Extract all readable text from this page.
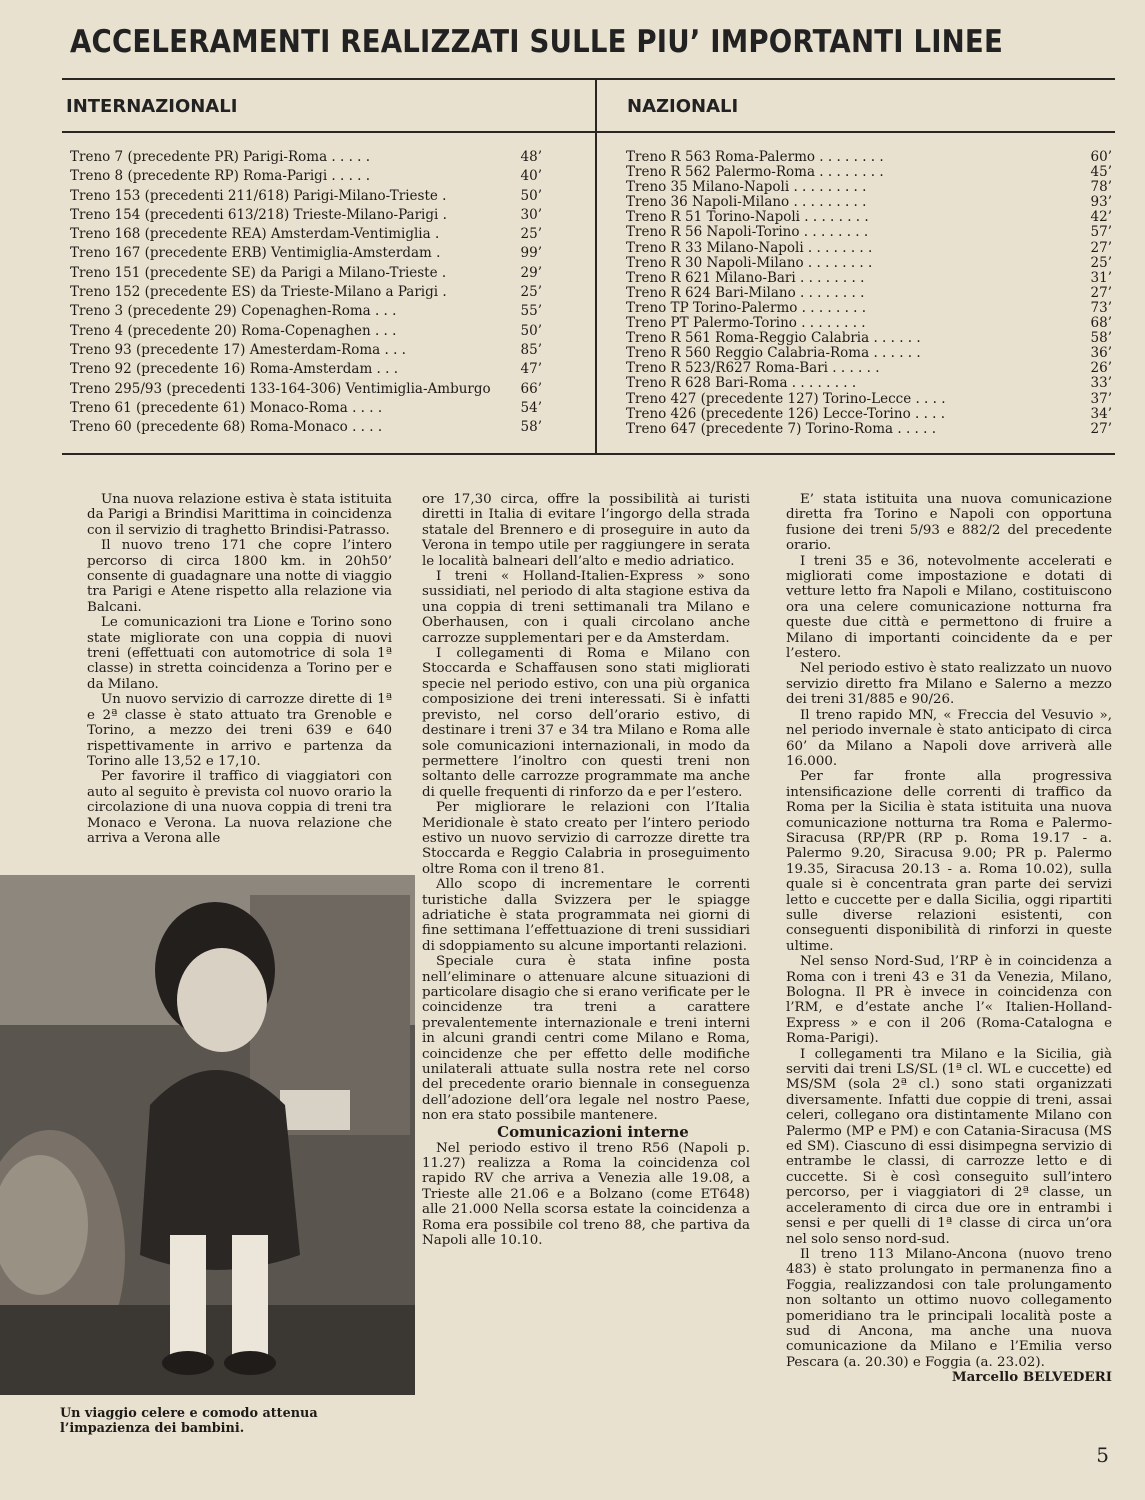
ACCELERAMENTI REALIZZATI SULLE PIU’ IMPORTANTI LINEE
INTERNAZIONALI	NAZIONALI
Treno 7 (precedente PR) Parigi-Roma . . . . .	48’
Treno 8 (precedente RP) Roma-Parigi . . . . .	40’
Treno 153 (precedenti 211/618) Parigi-Milano-Trieste .	50’
Treno 154 (precedenti 613/218) Trieste-Milano-Parigi .	30’
Treno 168 (precedente REA) Amsterdam-Ventimiglia .	25’
Treno 167 (precedente ERB) Ventimiglia-Amsterdam .	99’
Treno 151 (precedente SE) da Parigi a Milano-Trieste .	29’
Treno 152 (precedente ES) da Trieste-Milano a Parigi .	25’
Treno 3 (precedente 29) Copenaghen-Roma . . .	55’
Treno 4 (precedente 20) Roma-Copenaghen . . .	50’
Treno 93 (precedente 17) Amesterdam-Roma . . .	85’
Treno 92 (precedente 16) Roma-Amsterdam . . .	47’
Treno 295/93 (precedenti 133-164-306) Ventimiglia-Amburgo 66’
Treno 61 (precedente 61) Monaco-Roma . . . .	54’
Treno 60 (precedente 68) Roma-Monaco . . . .	58’
Treno R 563 Roma-Palermo . . . . . . . .	60’
Treno R 562 Palermo-Roma . . . . . . . .	45’
Treno 35 Milano-Napoli . . . . . . . . .	78’
Treno 36 Napoli-Milano . . . . . . . . .	93’
Treno R 51 Torino-Napoli . . . . . . . .	42’
Treno R 56 Napoli-Torino . . . . . . . .	57’
Treno R 33 Milano-Napoli . . . . . . . .	27’
Treno R 30 Napoli-Milano . . . . . . . .	25’
Treno R 621 Milano-Bari . . . . . . . .	31’
Treno R 624 Bari-Milano . . . . . . . .	27’
Treno TP Torino-Palermo . . . . . . . .	73’
Treno PT Palermo-Torino . . . . . . . .	68’
Treno R 561 Roma-Reggio Calabria . . . . . .	58’
Treno R 560 Reggio Calabria-Roma . . . . . .	36’
Treno R 523/R627 Roma-Bari . . . . . .	26’
Treno R 628 Bari-Roma . . . . . . . .	33’
Treno 427 (precedente 127) Torino-Lecce . . . .	37’
Treno 426 (precedente 126) Lecce-Torino . . . .	34’
Treno 647 (precedente 7) Torino-Roma . . . . .	27’

Una nuova relazione estiva è stata istituita da Parigi a Brindisi Marittima in coincidenza con il servizio di traghetto Brindisi-Patrasso.

Il nuovo treno 171 che copre l’intero percorso di circa 1800 km. in 20h50’ consente di guadagnare una notte di viaggio tra Parigi e Atene rispetto alla relazione via Balcani.

Le comunicazioni tra Lione e Torino sono state migliorate con una coppia di nuovi treni (effettuati con automotrice di sola 1ª classe) in stretta coincidenza a Torino per e da Milano.

Un nuovo servizio di carrozze dirette di 1ª e 2ª classe è stato attuato tra Grenoble e Torino, a mezzo dei treni 639 e 640 rispettivamente in arrivo e partenza da Torino alle 13,52 e 17,10.

Per favorire il traffico di viaggiatori con auto al seguito è prevista col nuovo orario la circolazione di una nuova coppia di treni tra Monaco e Verona. La nuova relazione che arriva a Verona alle

Un viaggio celere e comodo attenua l’impazienza dei bambini.

ore 17,30 circa, offre la possibilità ai turisti diretti in Italia di evitare l’ingorgo della strada statale del Brennero e di proseguire in auto da Verona in tempo utile per raggiungere in serata le località balneari dell’alto e medio adriatico.

I treni « Holland-Italien-Express » sono sussidiati, nel periodo di alta stagione estiva da una coppia di treni settimanali tra Milano e Oberhausen, con i quali circolano anche carrozze supplementari per e da Amsterdam.

I collegamenti di Roma e Milano con Stoccarda e Schaffausen sono stati migliorati specie nel periodo estivo, con una più organica composizione dei treni interessati. Si è infatti previsto, nel corso dell’orario estivo, di destinare i treni 37 e 34 tra Milano e Roma alle sole comunicazioni internazionali, in modo da permettere l’inoltro con questi treni non soltanto delle carrozze programmate ma anche di quelle frequenti di rinforzo da e per l’estero.

Per migliorare le relazioni con l’Italia Meridionale è stato creato per l’intero periodo estivo un nuovo servizio di carrozze dirette tra Stoccarda e Reggio Calabria in proseguimento oltre Roma con il treno 81.

Allo scopo di incrementare le correnti turistiche dalla Svizzera per le spiagge adriatiche è stata programmata nei giorni di fine settimana l’effettuazione di treni sussidiari di sdoppiamento su alcune importanti relazioni.

Speciale cura è stata infine posta nell’eliminare o attenuare alcune situazioni di particolare disagio che si erano verificate per le coincidenze tra treni a carattere prevalentemente internazionale e treni interni in alcuni grandi centri come Milano e Roma, coincidenze che per effetto delle modifiche unilaterali attuate sulla nostra rete nel corso del precedente orario biennale in conseguenza dell’adozione dell’ora legale nel nostro Paese, non era stato possibile mantenere.

Comunicazioni interne

Nel periodo estivo il treno R56 (Napoli p. 11.27) realizza a Roma la coincidenza col rapido RV che arriva a Venezia alle 19.08, a Trieste alle 21.06 e a Bolzano (come ET648) alle 21.000 Nella scorsa estate la coincidenza a Roma era possibile col treno 88, che partiva da Napoli alle 10.10.

E’ stata istituita una nuova comunicazione diretta fra Torino e Napoli con opportuna fusione dei treni 5/93 e 882/2 del precedente orario.

I treni 35 e 36, notevolmente accelerati e migliorati come impostazione e dotati di vetture letto fra Napoli e Milano, costituiscono ora una celere comunicazione notturna fra queste due città e permettono di fruire a Milano di importanti coincidente da e per l’estero.

Nel periodo estivo è stato realizzato un nuovo servizio diretto fra Milano e Salerno a mezzo dei treni 31/885 e 90/26.

Il treno rapido MN, « Freccia del Vesuvio », nel periodo invernale è stato anticipato di circa 60’ da Milano a Napoli dove arriverà alle 16.000.

Per far fronte alla progressiva intensificazione delle correnti di traffico da Roma per la Sicilia è stata istituita una nuova comunicazione notturna tra Roma e Palermo-Siracusa (RP/PR (RP p. Roma 19.17 - a. Palermo 9.20, Siracusa 9.00; PR p. Palermo 19.35, Siracusa 20.13 - a. Roma 10.02), sulla quale si è concentrata gran parte dei servizi letto e cuccette per e dalla Sicilia, oggi ripartiti sulle diverse relazioni esistenti, con conseguenti disponibilità di rinforzi in queste ultime.

Nel senso Nord-Sud, l’RP è in coincidenza a Roma con i treni 43 e 31 da Venezia, Milano, Bologna. Il PR è invece in coincidenza con l’RM, e d’estate anche l’« Italien-Holland-Express » e con il 206 (Roma-Catalogna e Roma-Parigi).

I collegamenti tra Milano e la Sicilia, già serviti dai treni LS/SL (1ª cl. WL e cuccette) ed MS/SM (sola 2ª cl.) sono stati organizzati diversamente. Infatti due coppie di treni, assai celeri, collegano ora distintamente Milano con Palermo (MP e PM) e con Catania-Siracusa (MS ed SM). Ciascuno di essi disimpegna servizio di entrambe le classi, di carrozze letto e di cuccette. Si è così conseguito sull’intero percorso, per i viaggiatori di 2ª classe, un acceleramento di circa due ore in entrambi i sensi e per quelli di 1ª classe di circa un’ora nel solo senso nord-sud.

Il treno 113 Milano-Ancona (nuovo treno 483) è stato prolungato in permanenza fino a Foggia, realizzandosi con tale prolungamento non soltanto un ottimo nuovo collegamento pomeridiano tra le principali località poste a sud di Ancona, ma anche una nuova comunicazione da Milano e l’Emilia verso Pescara (a. 20.30) e Foggia (a. 23.02).

Marcello BELVEDERI

5
